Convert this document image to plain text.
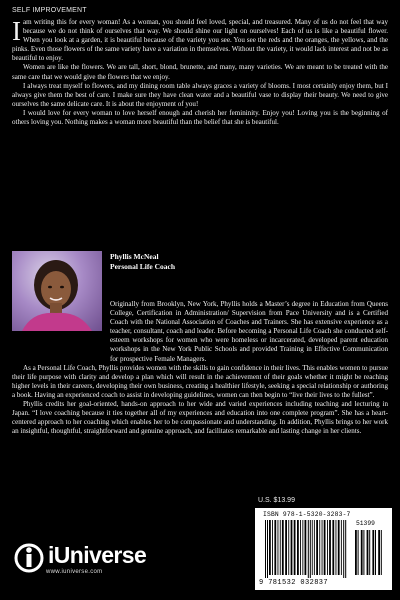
SELF IMPROVEMENT

Iam writing this for every woman! As a woman, you should feel loved, special, and treasured. Many of us do not feel that way because we do not think of ourselves that way. We should shine our light on ourselves! Each of us is like a beautiful flower. When you look at a garden, it is beautiful because of the variety you see. You see the reds and the oranges, the yellows, and the pinks. Even those flowers of the same variety have a variation in themselves. Without the variety, it would lack interest and not be as beautiful to enjoy.

Women are like the flowers. We are tall, short, blond, brunette, and many, many varieties. We are meant to be treated with the same care that we would give the flowers that we enjoy.

I always treat myself to flowers, and my dining room table always graces a variety of blooms. I most certainly enjoy them, but I always give them the best of care. I make sure they have clean water and a beautiful vase to display their beauty. We need to give ourselves the same delicate care. It is about the enjoyment of you!

I would love for every woman to love herself enough and cherish her femininity. Enjoy you! Loving you is the beginning of others loving you. Nothing makes a woman more beautiful than the belief that she is beautiful.

Phyllis McNeal
Personal Life Coach

Originally from Brooklyn, New York, Phyllis holds a Master’s degree in Education from Queens College, Certification in Administration/ Supervision from Pace University and is a Certified Coach with the National Association of Coaches and Trainers. She has extensive experience as a teacher, consultant, coach and leader. Before becoming a Personal Life Coach she conducted self-esteem workshops for women who were homeless or incarcerated, developed parent education workshops in the New York Public Schools and provided Training in Effective Communication for prospective Female Managers.

As a Personal Life Coach, Phyllis provides women with the skills to gain confidence in their lives. This enables women to pursue their life purpose with clarity and develop a plan which will result in the achievement of their goals whether it might be reaching higher levels in their careers, developing their own business, creating a healthier lifestyle, seeking a special relationship or authoring a book. Having an experienced coach to assist in developing guidelines, women can then begin to “live their lives to the fullest”.

Phyllis credits her goal-oriented, hands-on approach to her wide and varied experiences including teaching and lecturing in Japan. “I love coaching because it ties together all of my experiences and education into one complete program”. She has a heart-centered approach to her coaching which enables her to be compassionate and understanding. In addition, Phyllis brings to her work an insightful, thoughtful, straightforward and genuine approach, and facilitates remarkable and lasting change in her clients.

U.S. $13.99
ISBN 978-1-5320-3283-7
51399
9 781532 032837
iUniverse
www.iuniverse.com
